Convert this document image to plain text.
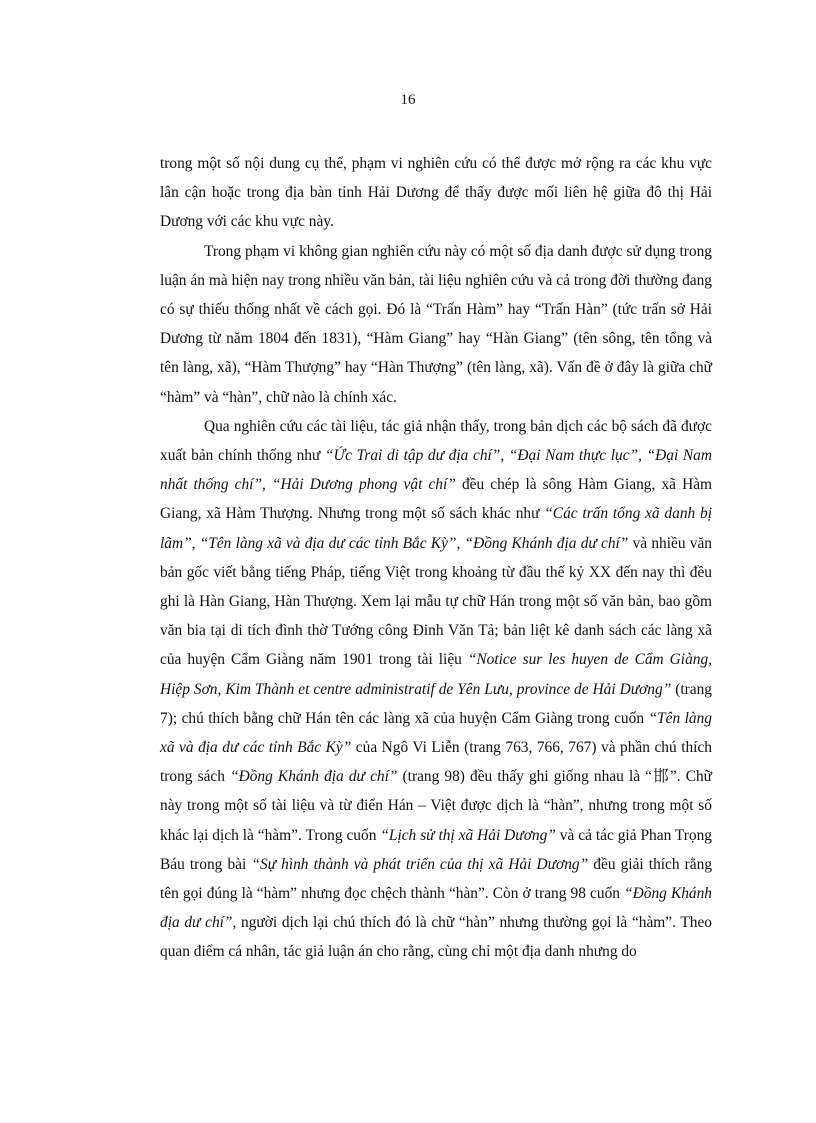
16

trong một số nội dung cụ thể, phạm vi nghiên cứu có thể được mở rộng ra các khu vực lân cận hoặc trong địa bàn tỉnh Hải Dương để thấy được mối liên hệ giữa đô thị Hải Dương với các khu vực này.

Trong phạm vi không gian nghiên cứu này có một số địa danh được sử dụng trong luận án mà hiện nay trong nhiều văn bản, tài liệu nghiên cứu và cả trong đời thường đang có sự thiếu thống nhất về cách gọi. Đó là “Trấn Hàm” hay “Trấn Hàn” (tức trấn sở Hải Dương từ năm 1804 đến 1831), “Hàm Giang” hay “Hàn Giang” (tên sông, tên tổng và tên làng, xã), “Hàm Thượng” hay “Hàn Thượng” (tên làng, xã). Vấn đề ở đây là giữa chữ “hàm” và “hàn”, chữ nào là chính xác.

Qua nghiên cứu các tài liệu, tác giả nhận thấy, trong bản dịch các bộ sách đã được xuất bản chính thống như “Ức Trai di tập dư địa chí”, “Đại Nam thực lục”, “Đại Nam nhất thống chí”, “Hải Dương phong vật chí” đều chép là sông Hàm Giang, xã Hàm Giang, xã Hàm Thượng. Nhưng trong một số sách khác như “Các trấn tổng xã danh bị lãm”, “Tên làng xã và địa dư các tỉnh Bắc Kỳ”, “Đồng Khánh địa dư chí” và nhiều văn bản gốc viết bằng tiếng Pháp, tiếng Việt trong khoảng từ đầu thế kỷ XX đến nay thì đều ghi là Hàn Giang, Hàn Thượng. Xem lại mẫu tự chữ Hán trong một số văn bản, bao gồm văn bia tại di tích đình thờ Tướng công Đinh Văn Tả; bản liệt kê danh sách các làng xã của huyện Cẩm Giàng năm 1901 trong tài liệu “Notice sur les huyen de Cẩm Giàng, Hiệp Sơn, Kim Thành et centre administratif de Yên Lưu, province de Hải Dương” (trang 7); chú thích bằng chữ Hán tên các làng xã của huyện Cẩm Giàng trong cuốn “Tên làng xã và địa dư các tỉnh Bắc Kỳ” của Ngô Vi Liễn (trang 763, 766, 767) và phần chú thích trong sách “Đồng Khánh địa dư chí” (trang 98) đều thấy ghi giống nhau là “邯”. Chữ này trong một số tài liệu và từ điển Hán – Việt được dịch là “hàn”, nhưng trong một số khác lại dịch là “hàm”. Trong cuốn “Lịch sử thị xã Hải Dương” và cả tác giả Phan Trọng Báu trong bài “Sự hình thành và phát triển của thị xã Hải Dương” đều giải thích rằng tên gọi đúng là “hàm” nhưng đọc chệch thành “hàn”. Còn ở trang 98 cuốn “Đồng Khánh địa dư chí”, người dịch lại chú thích đó là chữ “hàn” nhưng thường gọi là “hàm”. Theo quan điểm cá nhân, tác giả luận án cho rằng, cùng chỉ một địa danh nhưng do
